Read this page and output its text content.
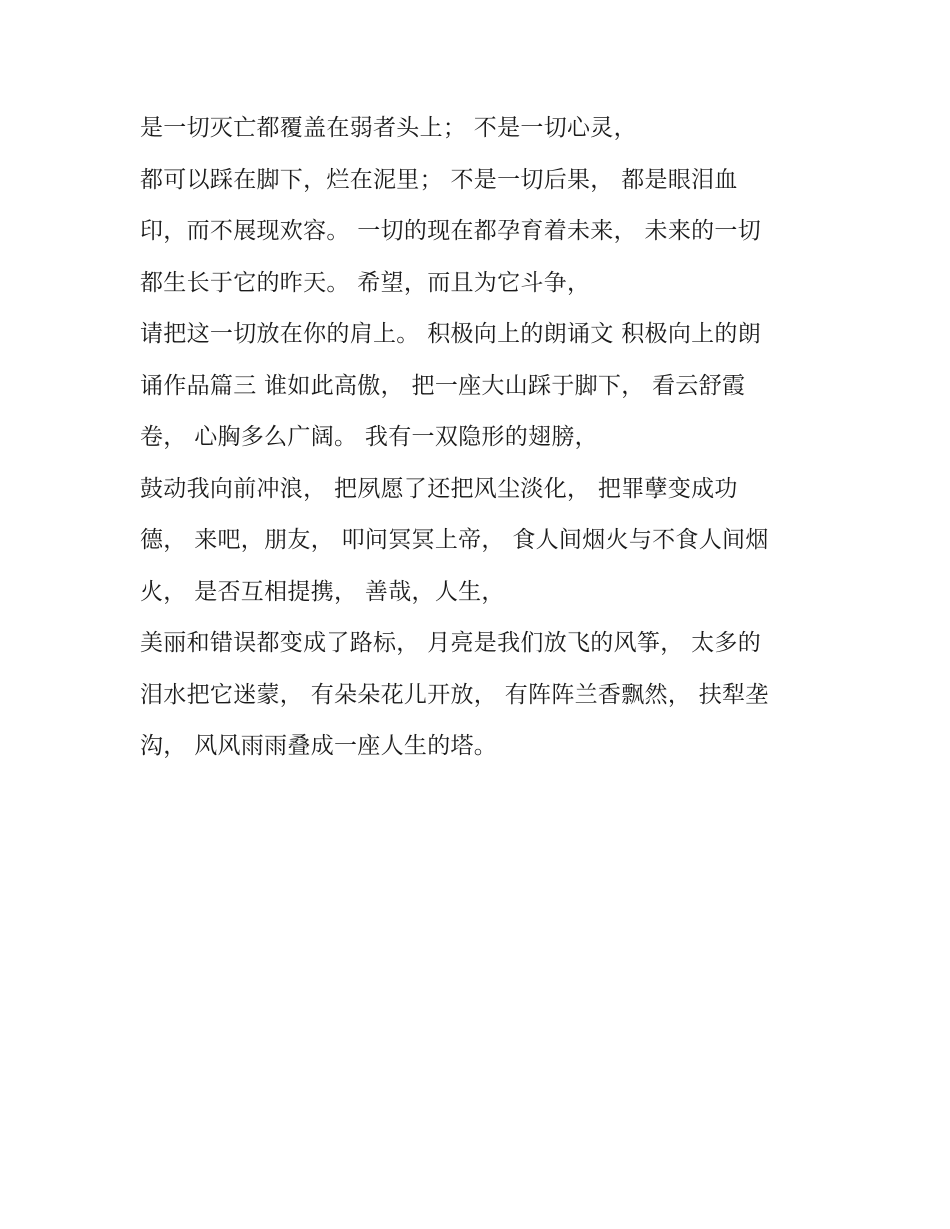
是一切灭亡都覆盖在弱者头上； 不是一切心灵，
都可以踩在脚下，烂在泥里； 不是一切后果， 都是眼泪血
印，而不展现欢容。 一切的现在都孕育着未来， 未来的一切
都生长于它的昨天。 希望，而且为它斗争，
请把这一切放在你的肩上。 积极向上的朗诵文 积极向上的朗
诵作品篇三 谁如此高傲， 把一座大山踩于脚下， 看云舒霞
卷， 心胸多么广阔。 我有一双隐形的翅膀，
鼓动我向前冲浪， 把夙愿了还把风尘淡化， 把罪孽变成功
德， 来吧，朋友， 叩问冥冥上帝， 食人间烟火与不食人间烟
火， 是否互相提携， 善哉，人生，
美丽和错误都变成了路标， 月亮是我们放飞的风筝， 太多的
泪水把它迷蒙， 有朵朵花儿开放， 有阵阵兰香飘然， 扶犁垄
沟， 风风雨雨叠成一座人生的塔。
